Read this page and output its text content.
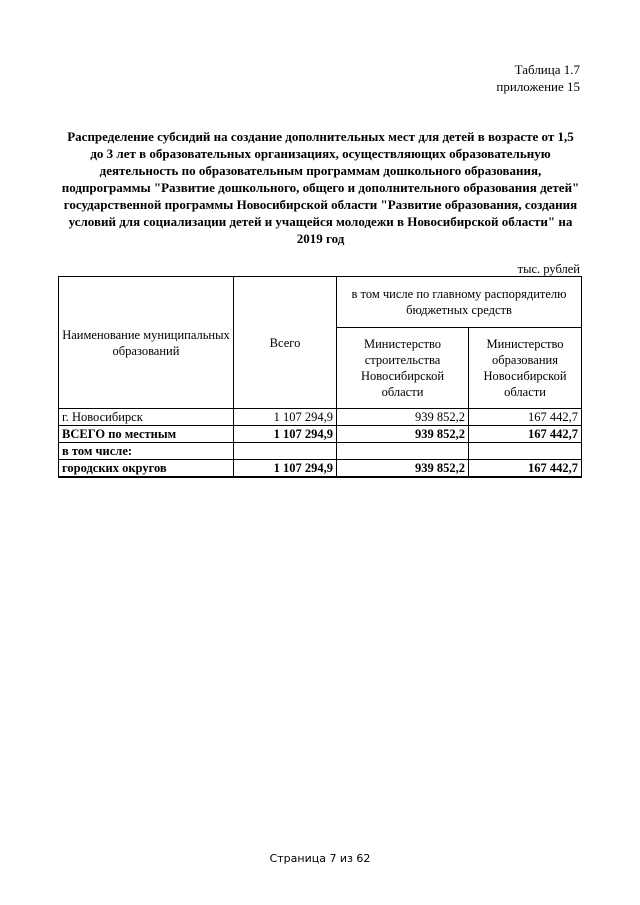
Таблица 1.7
приложение 15
Распределение субсидий на создание дополнительных мест для детей в возрасте от 1,5
до 3 лет в образовательных организациях, осуществляющих образовательную
деятельность по образовательным программам дошкольного образования,
подпрограммы "Развитие дошкольного, общего и дополнительного образования детей"
государственной программы Новосибирской области "Развитие образования, создания
условий для социализации детей и учащейся молодежи в Новосибирской области" на
2019 год
тыс. рублей
Наименование муниципальных образований	Всего	в том числе по главному распорядителю бюджетных средств	
		Министерство строительства Новосибирской области	Министерство образования Новосибирской области
г. Новосибирск	1 107 294,9	939 852,2	167 442,7
ВСЕГО по местным	1 107 294,9	939 852,2	167 442,7
в том числе:			
городских округов	1 107 294,9	939 852,2	167 442,7
Страница 7 из 62
